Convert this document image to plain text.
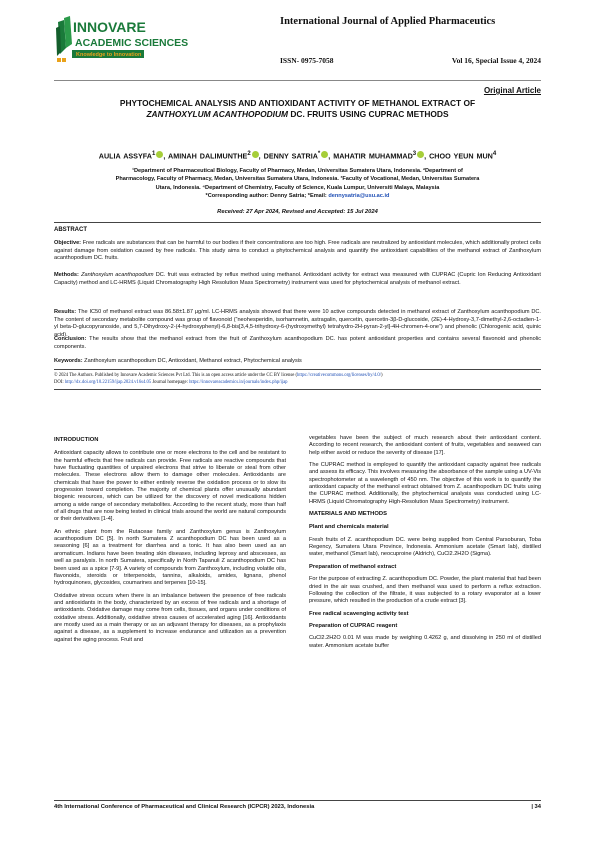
INNOVARE
ACADEMIC SCIENCES
Knowledge to Innovation
International Journal of Applied Pharmaceutics
ISSN- 0975-7058	Vol 16, Special Issue 4, 2024
Original Article
PHYTOCHEMICAL ANALYSIS AND ANTIOXIDANT ACTIVITY OF METHANOL EXTRACT OF
ZANTHOXYLUM ACANTHOPODIUM DC. FRUITS USING CUPRAC METHODS
AULIA ASSYFA$^1$ , AMINAH DALIMUNTHE$^2$ , DENNY SATRIA* , MAHATIR MUHAMMAD$^3$ , CHOO YEUN MUN$^4$
¹Department of Pharmaceutical Biology, Faculty of Pharmacy, Medan, Universitas Sumatera Utara, Indonesia. ²Department of
Pharmacology, Faculty of Pharmacy, Medan, Universitas Sumatera Utara, Indonesia. ³Faculty of Vocational, Medan, Universitas Sumatera
Utara, Indonesia. ⁴Department of Chemistry, Faculty of Science, Kuala Lumpur, Universiti Malaya, Malaysia
*Corresponding author: Denny Satria; *Email: dennysatria@usu.ac.id
Received: 27 Apr 2024, Revised and Accepted: 15 Jul 2024
ABSTRACT
Objective: Free radicals are substances that can be harmful to our bodies if their concentrations are too high. Free radicals are neutralized by antioxidant molecules, which additionally protect cells against damage from oxidation caused by free radicals. This study aims to conduct a phytochemical analysis and quantify the antioxidant capabilities of the methanol extract of Zanthoxylum acanthopodium DC. fruits.
Methods: Zanthoxylum acanthopodium DC. fruit was extracted by reflux method using methanol. Antioxidant activity for extract was measured with CUPRAC (Cupric Ion Reducing Antioxidant Capacity) method and LC-HRMS (Liquid Chromatography High Resolution Mass Spectrometry) instrument was used for phytochemical analysis of methanol extract.
Results: The IC50 of methanol extract was 86.58±1.87 μg/ml. LC-HRMS analysis showed that there were 10 active compounds detected in methanol extract of Zanthoxylum acanthopodium DC. The content of secondary metabolite compound was group of flavonoid (“neohesperidin, isorhamnetin, astragalin, quercetin, quercetin-3β-D-glucoside, (2E)-4-Hydroxy-3,7-dimethyl-2,6-octadien-1-yl beta-D-glucopyranoside, and 5,7-Dihydroxy-2-(4-hydroxyphenyl)-6,8-bis[3,4,5-trihydroxy-6-(hydroxymethyl) tetrahydro-2H-pyran-2-yl]-4H-chromen-4-one”) and phenolic (Chlorogenic acid, quinic acid).
Conclusion: The results show that the methanol extract from the fruit of Zanthoxylum acanthopodium DC. has potent antioxidant properties and contains several flavonoid and phenolic components.
Keywords: Zanthoxylum acanthopodium DC, Antioxidant, Methanol extract, Phytochemical analysis
© 2024 The Authors. Published by Innovare Academic Sciences Pvt Ltd. This is an open access article under the CC BY license (https://creativecommons.org/licenses/by/4.0/)
DOI: http://dx.doi.org/10.22159/ijap.2024.v16s4.05 Journal homepage: https://innovareacademics.in/journals/index.php/ijap
INTRODUCTION

Antioxidant capacity allows to contribute one or more electrons to the cell and be resistant to the harmful effects that free radicals can provide. Free radicals are reactive compounds that have fluctuating quantities of unpaired electrons that strive to liberate or steal from other molecules. These electrons allow them to damage other molecules. Antioxidants are chemicals that have the power to either entirely reverse the oxidation process or to slow its progression toward completion. The majority of chemical plants offer unusually abundant biogenic resources, which can be utilized for the discovery of novel medications hidden among a wide range of secondary metabolites. According to the recent study, more than half of all drugs that are now being tested in clinical trials around the world are natural compounds or their derivatives [1-4].

An ethnic plant from the Rutaceae family and Zanthoxylum genus is Zanthoxylum acanthopodium DC [5]. In north Sumatera Z acanthopodium DC has been used as a seasoning [6] as a treatment for diarrhea and a tonic. It has also been used as an aromaticum. Indians have been treating skin diseases, including leprosy and abscesses, as well as paralysis. In north Sumatera, specifically in North Tapanuli Z acanthopodium DC has been used as a spice [7-9]. A variety of compounds from Zanthoxylum, including volatile oils, flavonoids, steroids or triterpenoids, tannins, alkaloids, amides, lignans, phenol hydroquinones, glycosides, coumarines and terpenes [10-15].

Oxidative stress occurs when there is an imbalance between the presence of free radicals and antioxidants in the body, characterized by an excess of free radicals and a shortage of antioxidants. Oxidative damage may come from cells, tissues, and organs under conditions of oxidative stress. Additionally, oxidative stress causes of accelerated aging [16]. Antioxidants are mostly used as a main therapy or as an adjuvant therapy for diseases, as a prophylaxis against a disease, as a supplement to increase endurance and utilization as a prevention against the aging process. Fruit and

vegetables have been the subject of much research about their antioxidant content. According to recent research, the antioxidant content of fruits, vegetables and seaweed can help either avoid or reduce the severity of disease [17].

The CUPRAC method is employed to quantify the antioxidant capacity against free radicals and assess its efficacy. This involves measuring the absorbance of the sample using a UV-Vis spectrophotometer at a wavelength of 450 nm. The objective of this work is to quantify the antioxidant capacity of the methanol extract obtained from Z. acanthopodium DC fruits using the CUPRAC method. Additionally, the phytochemical analysis was conducted using LC-HRMS (Liquid Chromatography High-Resolution Mass Spectrometry) instrument.

MATERIALS AND METHODS
Plant and chemicals material

Fresh fruits of Z. acanthopodium DC. were being supplied from Central Parsoburan, Toba Regency, Sumatera Utara Province, Indonesia. Ammonium acetate (Smart lab), distilled water, methanol (Smart lab), neocuproine (Aldrich), CuCl2.2H2O (Sigma).

Preparation of methanol extract

For the purpose of extracting Z. acanthopodium DC. Powder, the plant material that had been dried in the air was crushed, and then methanol was used to perform a reflux extraction. Following the collection of the filtrate, it was subjected to a rotary evaporator at a lower pressure, which resulted in the production of a crude extract [3].

Free radical scavenging activity test
Preparation of CUPRAC reagent

CuCl2.2H2O 0.01 M was made by weighing 0.4262 g, and dissolving in 250 ml of distilled water. Ammonium acetate buffer

4th International Conference of Pharmaceutical and Clinical Research (ICPCR) 2023, Indonesia	| 34
